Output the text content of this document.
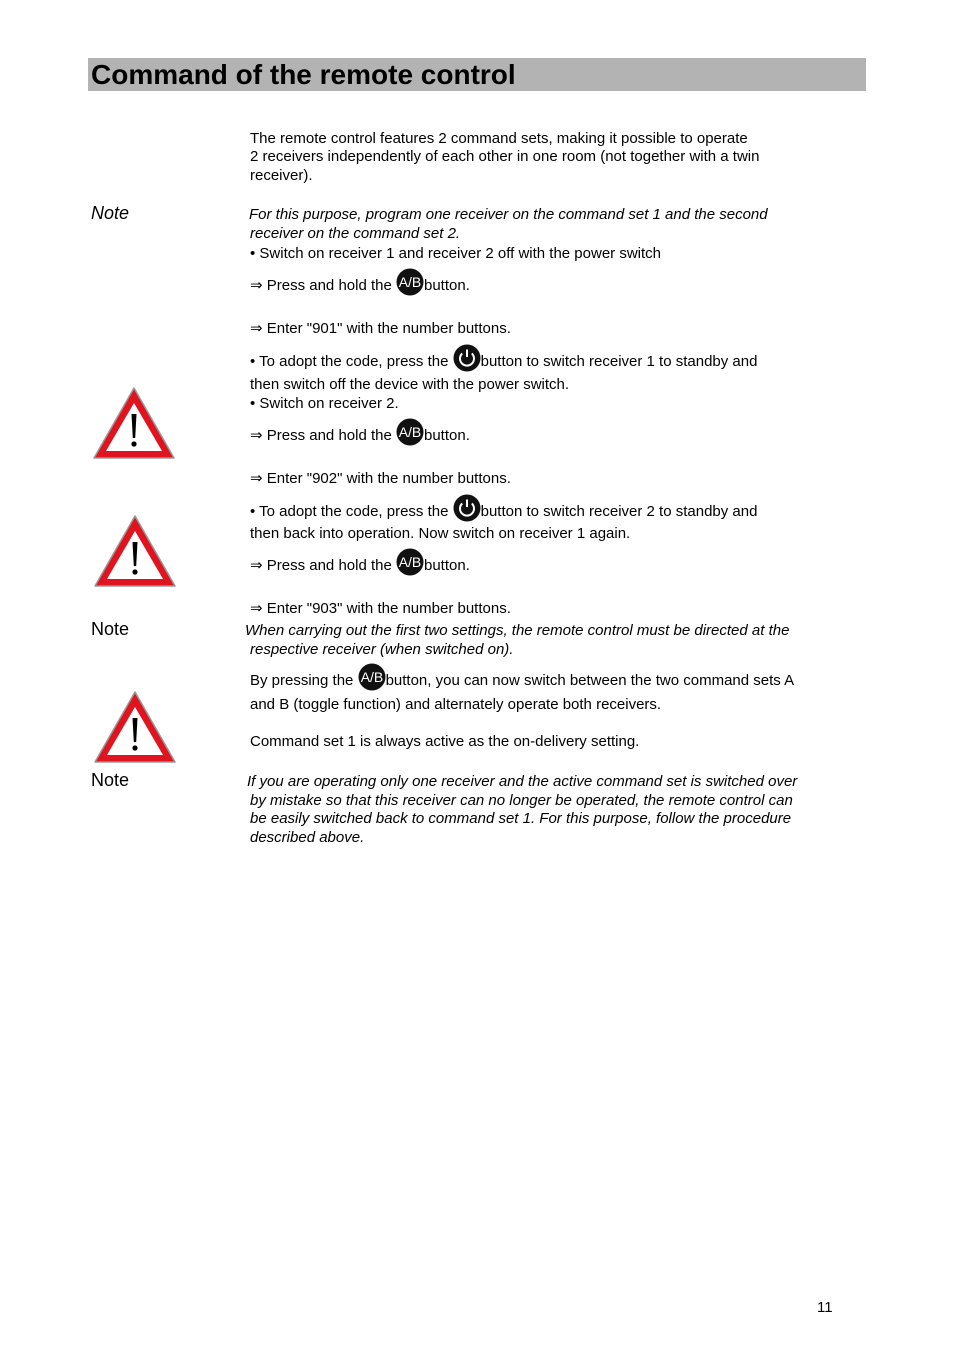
Command of the remote control
The remote control features 2 command sets, making it possible to operate
2 receivers independently of each other in one room (not together with a twin
receiver).
Note	For this purpose, program one receiver on the command set 1 and the second
receiver on the command set 2.
• Switch on receiver 1 and receiver 2 off with the power switch
⇒ Press and hold the button.
⇒ Enter "901" with the number buttons.
• To adopt the code, press the button to switch receiver 1 to standby and
then switch off the device with the power switch.
• Switch on receiver 2.
⇒ Press and hold the button.
⇒ Enter "902" with the number buttons.
• To adopt the code, press the button to switch receiver 2 to standby and
then back into operation. Now switch on receiver 1 again.
⇒ Press and hold the button.
⇒ Enter "903" with the number buttons.
Note	When carrying out the first two settings, the remote control must be directed at the
respective receiver (when switched on).
By pressing the button, you can now switch between the two command sets A
and B (toggle function) and alternately operate both receivers.
Command set 1 is always active as the on-delivery setting.
Note	If you are operating only one receiver and the active command set is switched over
by mistake so that this receiver can no longer be operated, the remote control can
be easily switched back to command set 1. For this purpose, follow the procedure
described above.
11
